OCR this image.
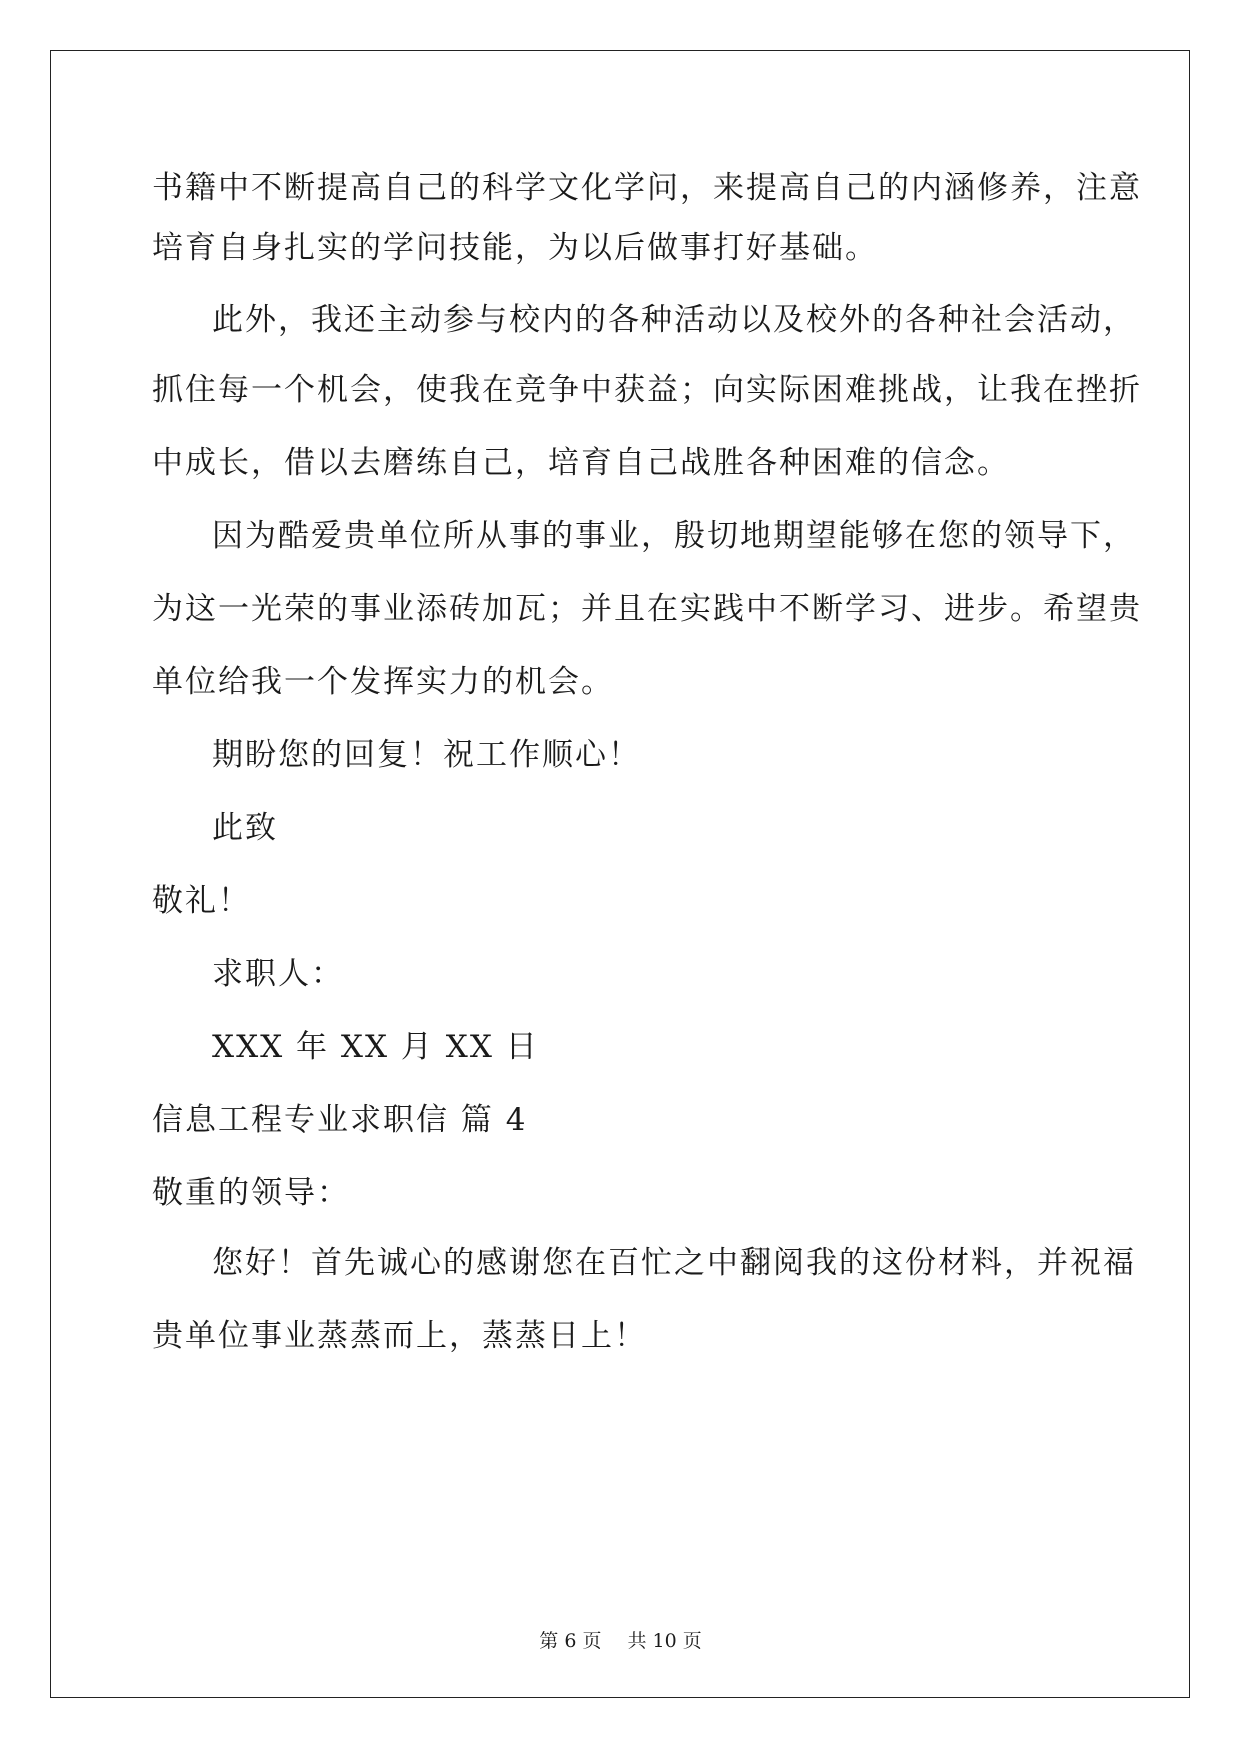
书籍中不断提高自己的科学文化学问，来提高自己的内涵修养，注意
培育自身扎实的学问技能，为以后做事打好基础。
此外，我还主动参与校内的各种活动以及校外的各种社会活动，
抓住每一个机会，使我在竞争中获益；向实际困难挑战，让我在挫折
中成长，借以去磨练自己，培育自己战胜各种困难的信念。
因为酷爱贵单位所从事的事业，殷切地期望能够在您的领导下，
为这一光荣的事业添砖加瓦；并且在实践中不断学习、进步。希望贵
单位给我一个发挥实力的机会。
期盼您的回复！祝工作顺心！
此致
敬礼！
求职人：
XXX 年 XX 月 XX 日
信息工程专业求职信 篇 4
敬重的领导：
您好！首先诚心的感谢您在百忙之中翻阅我的这份材料，并祝福
贵单位事业蒸蒸而上，蒸蒸日上！
第 6 页 共 10 页
